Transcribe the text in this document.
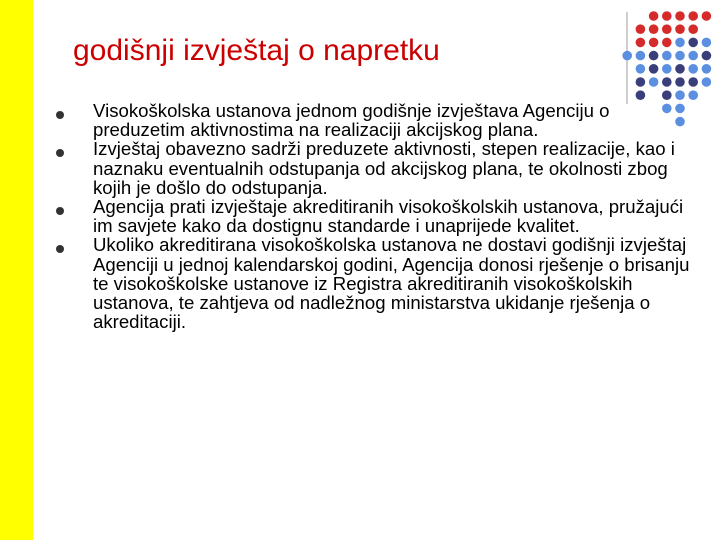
godišnji izvještaj o napretku
Visokoškolska ustanova jednom godišnje izvještava Agenciju o preduzetim aktivnostima na realizaciji akcijskog plana.
Izvještaj obavezno sadrži preduzete aktivnosti, stepen realizacije, kao i naznaku eventualnih odstupanja od akcijskog plana, te okolnosti zbog kojih je došlo do odstupanja.
Agencija prati izvještaje akreditiranih visokoškolskih ustanova, pružajući im savjete kako da dostignu standarde i unaprijede kvalitet.
Ukoliko akreditirana visokoškolska ustanova ne dostavi godišnji izvještaj Agenciji u jednoj kalendarskoj godini, Agencija donosi rješenje o brisanju te visokoškolske ustanove iz Registra akreditiranih visokoškolskih ustanova, te zahtjeva od nadležnog ministarstva ukidanje rješenja o akreditaciji.
